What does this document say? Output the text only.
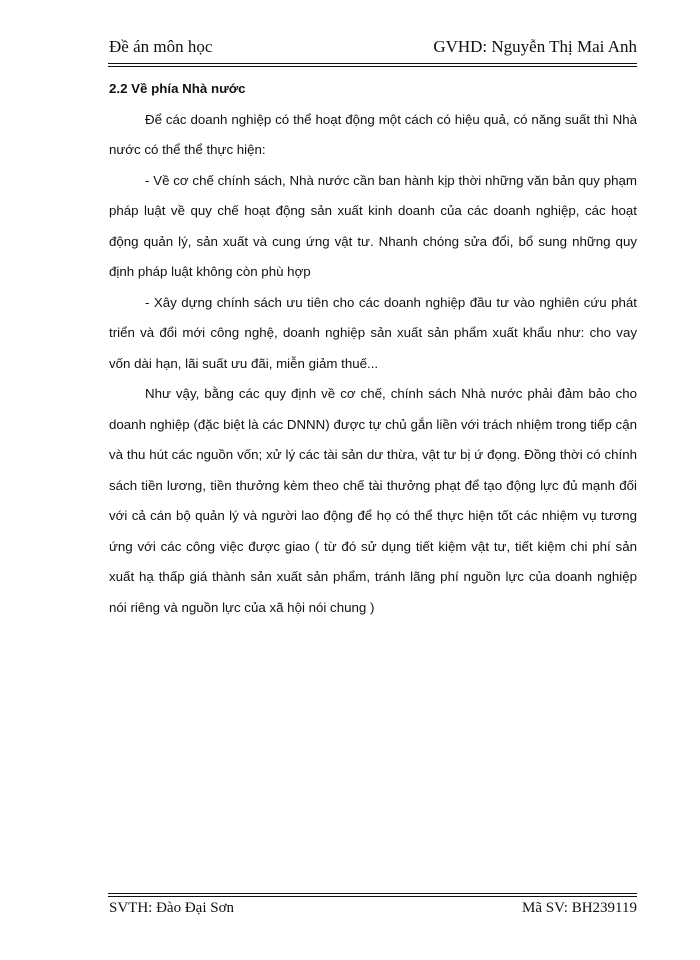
Đề án môn học	GVHD: Nguyễn Thị Mai Anh

2.2 Về phía Nhà nước

Để các doanh nghiệp có thể hoạt động một cách có hiệu quả, có năng suất thì Nhà nước có thể thể thực hiện:

- Về cơ chế chính sách, Nhà nước cần ban hành kịp thời những văn bản quy phạm pháp luật về quy chế hoạt động sản xuất kinh doanh của các doanh nghiệp, các hoạt động quản lý, sản xuất và cung ứng vật tư. Nhanh chóng sửa đổi, bổ sung những quy định pháp luật không còn phù hợp

- Xây dựng chính sách ưu tiên cho các doanh nghiệp đầu tư vào nghiên cứu phát triển và đổi mới công nghệ, doanh nghiệp sản xuất sản phẩm xuất khẩu như: cho vay vốn dài hạn, lãi suất ưu đãi, miễn giảm thuế...

Như vậy, bằng các quy định về cơ chế, chính sách Nhà nước phải đảm bảo cho doanh nghiệp (đặc biệt là các DNNN) được tự chủ gắn liền với trách nhiệm trong tiếp cận và thu hút các nguồn vốn; xử lý các tài sản dư thừa, vật tư bị ứ đọng. Đồng thời có chính sách tiền lương, tiền thưởng kèm theo chế tài thưởng phạt để tạo động lực đủ mạnh đối với cả cán bộ quản lý và người lao động để họ có thể thực hiện tốt các nhiệm vụ tương ứng với các công việc được giao ( từ đó sử dụng tiết kiệm vật tư, tiết kiệm chi phí sản xuất hạ thấp giá thành sản xuất sản phẩm, tránh lãng phí nguồn lực của doanh nghiệp nói riêng và nguồn lực của xã hội nói chung )

SVTH: Đào Đại Sơn	Mã SV: BH239119
